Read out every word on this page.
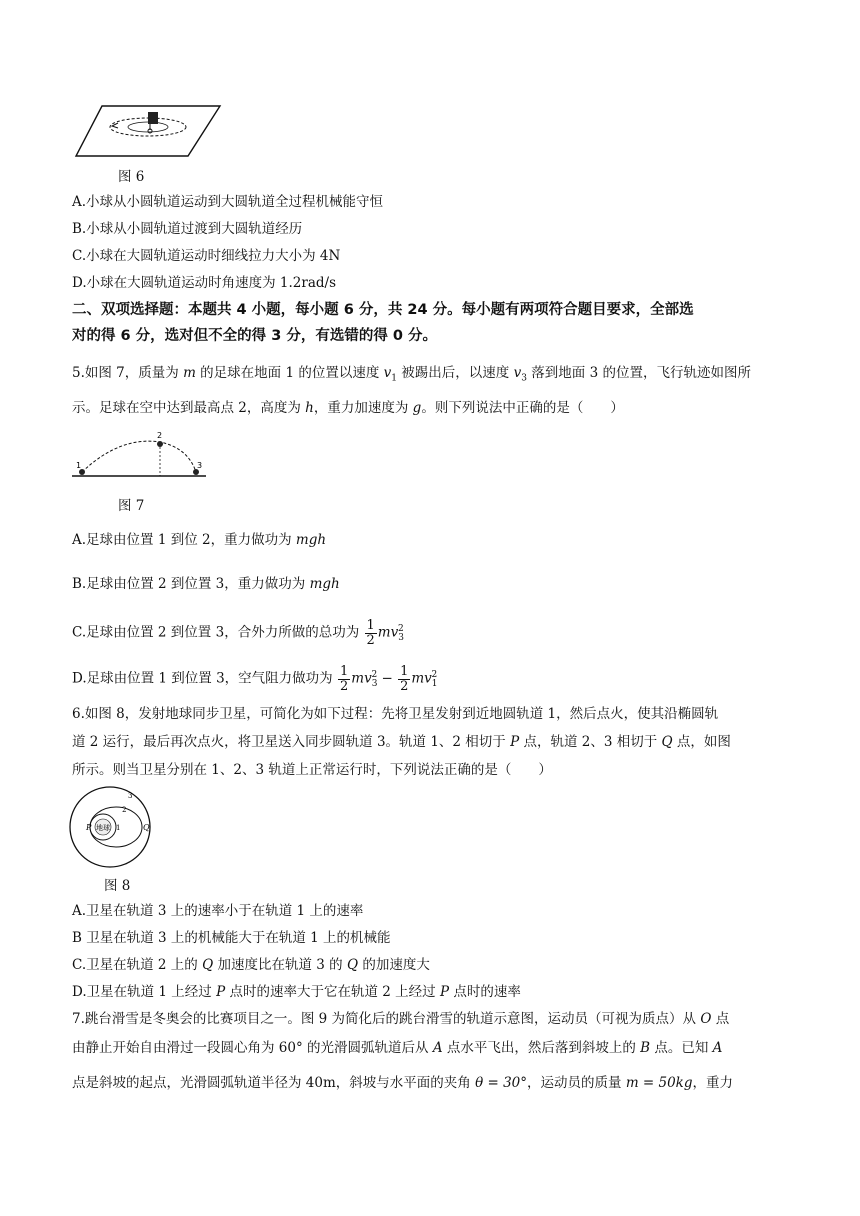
图 6
A.小球从小圆轨道运动到大圆轨道全过程机械能守恒
B.小球从小圆轨道过渡到大圆轨道经历
C.小球在大圆轨道运动时细线拉力大小为 4N
D.小球在大圆轨道运动时角速度为 1.2rad/s
二、双项选择题：本题共 4 小题，每小题 6 分，共 24 分。每小题有两项符合题目要求，全部选
对的得 6 分，选对但不全的得 3 分，有选错的得 0 分。
5.如图 7，质量为 m 的足球在地面 1 的位置以速度 $v_1$ 被踢出后，以速度 $v_3$ 落到地面 3 的位置，飞行轨迹如图所
示。足球在空中达到最高点 2，高度为 h，重力加速度为 g。则下列说法中正确的是（　　）
1
2
3
图 7
A.足球由位置 1 到位 2，重力做功为 mgh
B.足球由位置 2 到位置 3，重力做功为 mgh
C.足球由位置 2 到位置 3，合外力所做的总功为 $\frac{1}{2} mv_3^2$
D.足球由位置 1 到位置 3，空气阻力做功为 $\frac{1}{2} mv_3^2 - \frac{1}{2} mv_1^2$
6.如图 8，发射地球同步卫星，可简化为如下过程：先将卫星发射到近地圆轨道 1，然后点火，使其沿椭圆轨
道 2 运行，最后再次点火，将卫星送入同步圆轨道 3。轨道 1、2 相切于 P 点，轨道 2、3 相切于 Q 点，如图
所示。则当卫星分别在 1、2、3 轨道上正常运行时，下列说法正确的是（　　）
地球
P	Q
1
2
3
图 8
A.卫星在轨道 3 上的速率小于在轨道 1 上的速率
B 卫星在轨道 3 上的机械能大于在轨道 1 上的机械能
C.卫星在轨道 2 上的 Q 加速度比在轨道 3 的 Q 的加速度大
D.卫星在轨道 1 上经过 P 点时的速率大于它在轨道 2 上经过 P 点时的速率
7.跳台滑雪是冬奥会的比赛项目之一。图 9 为简化后的跳台滑雪的轨道示意图，运动员（可视为质点）从 O 点
由静止开始自由滑过一段圆心角为 60° 的光滑圆弧轨道后从 A 点水平飞出，然后落到斜坡上的 B 点。已知 A
点是斜坡的起点，光滑圆弧轨道半径为 40m，斜坡与水平面的夹角 θ = 30°，运动员的质量 m = 50kg，重力
